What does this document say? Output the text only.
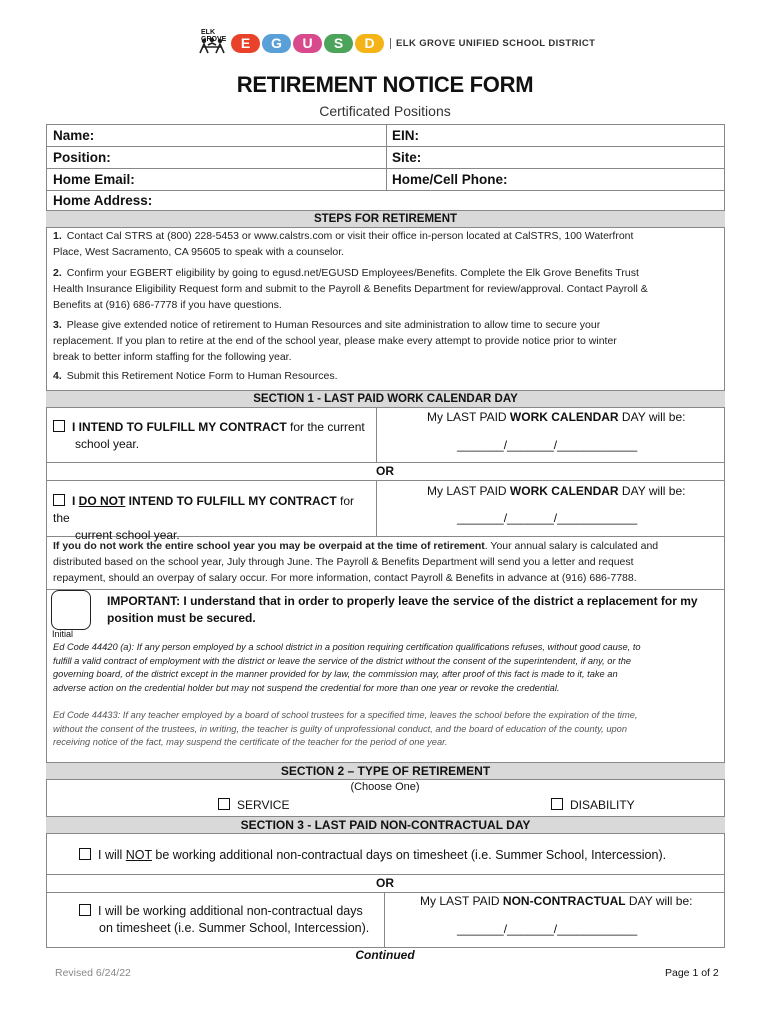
ELK GROVE	E	G	U	S	D	ELK GROVE UNIFIED SCHOOL DISTRICT
RETIREMENT NOTICE FORM
Certificated Positions
Name:	EIN:
Position:	Site:
Home Email:	Home/Cell Phone:
Home Address:
STEPS FOR RETIREMENT
1. Contact Cal STRS at (800) 228-5453 or www.calstrs.com or visit their office in-person located at CalSTRS, 100 Waterfront
Place, West Sacramento, CA 95605 to speak with a counselor.
2. Confirm your EGBERT eligibility by going to egusd.net/EGUSD Employees/Benefits. Complete the Elk Grove Benefits Trust
Health Insurance Eligibility Request form and submit to the Payroll & Benefits Department for review/approval. Contact Payroll &
Benefits at (916) 686-7778 if you have questions.
3. Please give extended notice of retirement to Human Resources and site administration to allow time to secure your
replacement. If you plan to retire at the end of the school year, please make every attempt to provide notice prior to winter
break to better inform staffing for the following year.
4. Submit this Retirement Notice Form to Human Resources.
SECTION 1 - LAST PAID WORK CALENDAR DAY
I INTEND TO FULFILL MY CONTRACT for the current
school year.
My LAST PAID WORK CALENDAR DAY will be:
_______/_______/____________
OR
I DO NOT INTEND TO FULFILL MY CONTRACT for the
current school year.
My LAST PAID WORK CALENDAR DAY will be:
_______/_______/____________
If you do not work the entire school year you may be overpaid at the time of retirement. Your annual salary is calculated and
distributed based on the school year, July through June. The Payroll & Benefits Department will send you a letter and request
repayment, should an overpay of salary occur. For more information, contact Payroll & Benefits in advance at (916) 686-7788.
Initial
IMPORTANT: I understand that in order to properly leave the service of the district a replacement for my
position must be secured.
Ed Code 44420 (a): If any person employed by a school district in a position requiring certification qualifications refuses, without good cause, to
fulfill a valid contract of employment with the district or leave the service of the district without the consent of the superintendent, if any, or the
governing board, of the district except in the manner provided for by law, the commission may, after proof of this fact is made to it, take an
adverse action on the credential holder but may not suspend the credential for more than one year or revoke the credential.
Ed Code 44433: If any teacher employed by a board of school trustees for a specified time, leaves the school before the expiration of the time,
without the consent of the trustees, in writing, the teacher is guilty of unprofessional conduct, and the board of education of the county, upon
receiving notice of the fact, may suspend the certificate of the teacher for the period of one year.
SECTION 2 – TYPE OF RETIREMENT
(Choose One)
SERVICE	DISABILITY
SECTION 3 - LAST PAID NON-CONTRACTUAL DAY
I will NOT be working additional non-contractual days on timesheet (i.e. Summer School, Intercession).
OR
I will be working additional non-contractual days
on timesheet (i.e. Summer School, Intercession).
My LAST PAID NON-CONTRACTUAL DAY will be:
_______/_______/____________
Continued
Revised 6/24/22	Page 1 of 2
